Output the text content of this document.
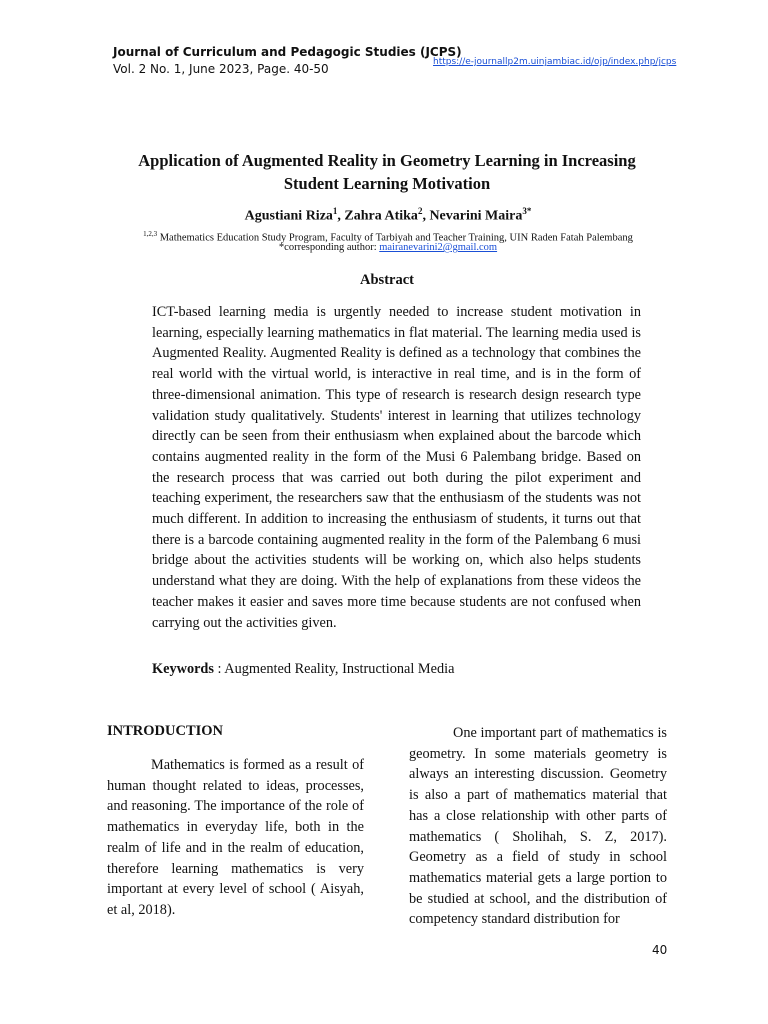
Journal of Curriculum and Pedagogic Studies (JCPS)
Vol. 2 No. 1, June 2023, Page. 40-50	https://e-journallp2m.uinjambiac.id/ojp/index.php/jcps
Application of Augmented Reality in Geometry Learning in Increasing
Student Learning Motivation
Agustiani Riza$^1$, Zahra Atika$^2$, Nevarini Maira$^{3*}$
$^{1,2,3}$ Mathematics Education Study Program, Faculty of Tarbiyah and Teacher Training, UIN Raden Fatah Palembang
*corresponding author: mairanevarini2@gmail.com
Abstract
ICT-based learning media is urgently needed to increase student motivation in learning, especially learning mathematics in flat material. The learning media used is Augmented Reality. Augmented Reality is defined as a technology that combines the real world with the virtual world, is interactive in real time, and is in the form of three-dimensional animation. This type of research is research design research type validation study qualitatively. Students' interest in learning that utilizes technology directly can be seen from their enthusiasm when explained about the barcode which contains augmented reality in the form of the Musi 6 Palembang bridge. Based on the research process that was carried out both during the pilot experiment and teaching experiment, the researchers saw that the enthusiasm of the students was not much different. In addition to increasing the enthusiasm of students, it turns out that there is a barcode containing augmented reality in the form of the Palembang 6 musi bridge about the activities students will be working on, which also helps students understand what they are doing. With the help of explanations from these videos the teacher makes it easier and saves more time because students are not confused when carrying out the activities given.
Keywords : Augmented Reality, Instructional Media
INTRODUCTION

Mathematics is formed as a result of human thought related to ideas, processes, and reasoning. The importance of the role of mathematics in everyday life, both in the realm of life and in the realm of education, therefore learning mathematics is very important at every level of school ( Aisyah, et al, 2018).

One important part of mathematics is geometry. In some materials geometry is always an interesting discussion. Geometry is also a part of mathematics material that has a close relationship with other parts of mathematics ( Sholihah, S. Z, 2017). Geometry as a field of study in school mathematics material gets a large portion to be studied at school, and the distribution of competency standard distribution for

40
